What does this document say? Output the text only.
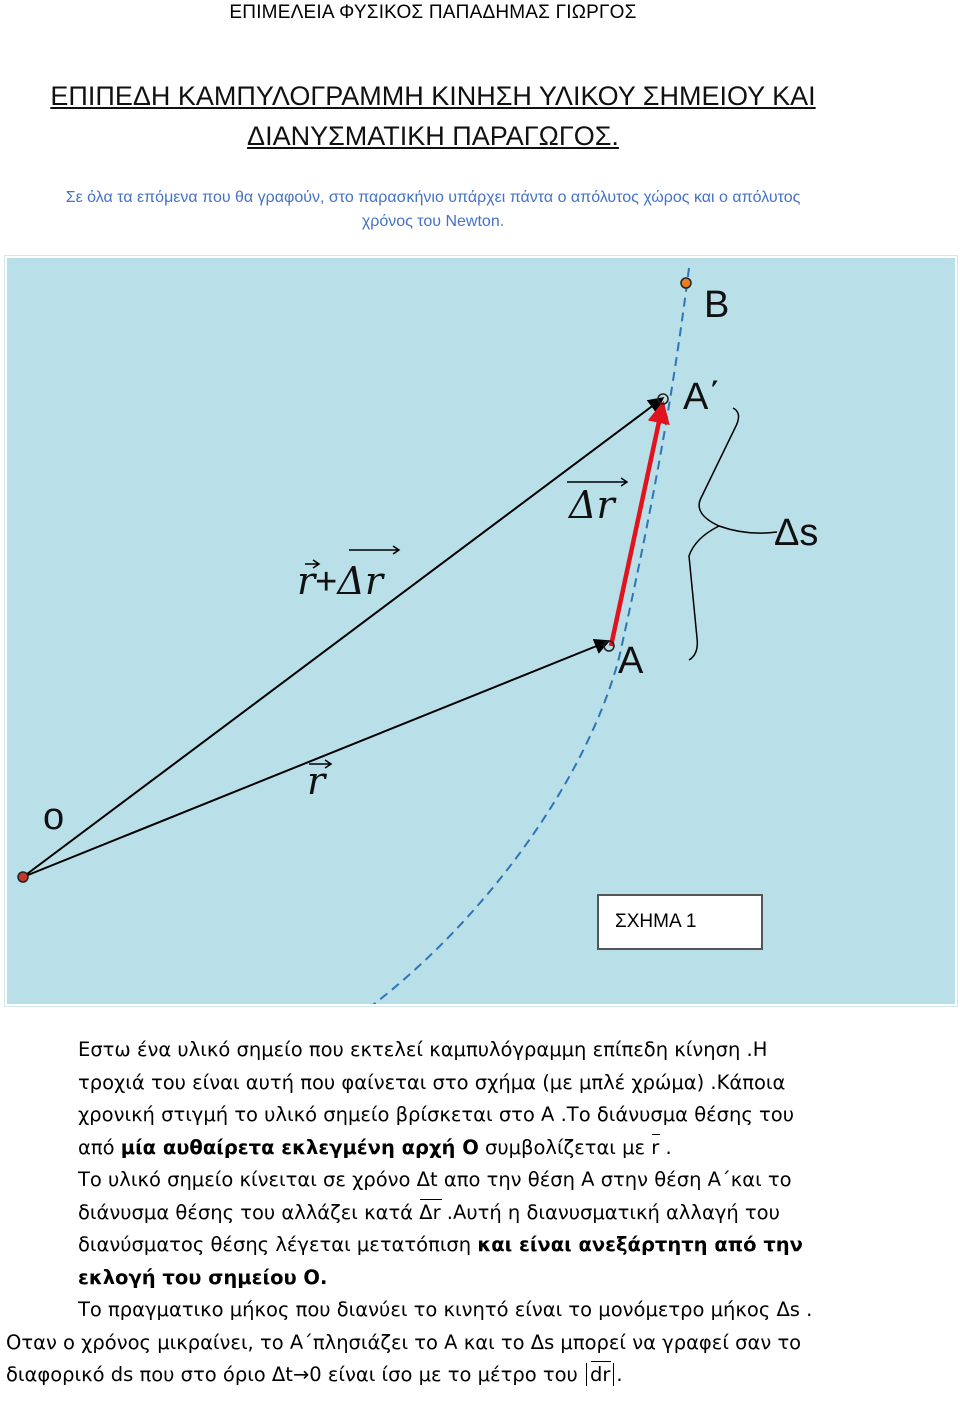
ΕΠΙΜΕΛΕΙΑ ΦΥΣΙΚΟΣ ΠΑΠΑΔΗΜΑΣ ΓΙΩΡΓΟΣ
ΕΠΙΠΕΔΗ ΚΑΜΠΥΛΟΓΡΑΜΜΗ ΚΙΝΗΣΗ ΥΛΙΚΟΥ ΣΗΜΕΙΟΥ ΚΑΙ
ΔΙΑΝΥΣΜΑΤΙΚΗ ΠΑΡΑΓΩΓΟΣ.
Σε όλα τα επόμενα που θα γραφούν, στο παρασκήνιο υπάρχει πάντα ο απόλυτος χώρος και ο απόλυτος
χρόνος του Newton.
B
Α΄
Δs
A
o
r
Δr
r+Δr
ΣΧΗΜΑ 1

Εστω ένα υλικό σημείο που εκτελεί καμπυλόγραμμη επίπεδη κίνηση .Η τροχιά του είναι αυτή που φαίνεται στο σχήμα (με μπλέ χρώμα) .Κάποια χρονική στιγμή το υλικό σημείο βρίσκεται στο Α .Το διάνυσμα θέσης του από μία αυθαίρετα εκλεγμένη αρχή Ο συμβολίζεται με r .

Το υλικό σημείο κίνειται σε χρόνο Δt απο την θέση Α στην θέση Α΄και το διάνυσμα θέσης του αλλάζει κατά Δr .Αυτή η διανυσματική αλλαγή του διανύσματος θέσης λέγεται μετατόπιση και είναι ανεξάρτητη από την εκλογή του σημείου Ο.

Το πραγματικο μήκος που διανύει το κινητό είναι το μονόμετρο μήκος Δs .

Οταν ο χρόνος μικραίνει, το Α΄πλησιάζει το Α και το Δs μπορεί να γραφεί σαν το διαφορικό ds που στο όριο Δt→0 είναι ίσο με το μέτρο του dr .
